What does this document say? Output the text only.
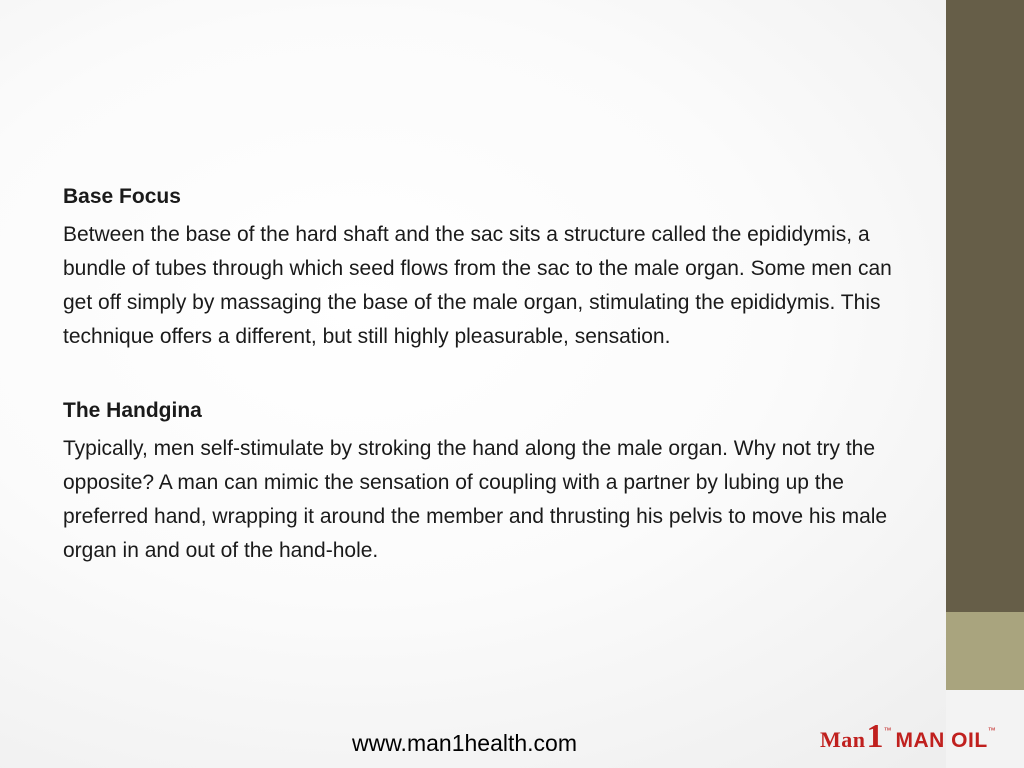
Base Focus

Between the base of the hard shaft and the sac sits a structure called the epididymis, a bundle of tubes through which seed flows from the sac to the male organ. Some men can get off simply by massaging the base of the male organ, stimulating the epididymis. This technique offers a different, but still highly pleasurable, sensation.

The Handgina

Typically, men self-stimulate by stroking the hand along the male organ. Why not try the opposite? A man can mimic the sensation of coupling with a partner by lubing up the preferred hand, wrapping it around the member and thrusting his pelvis to move his male organ in and out of the hand-hole.

www.man1health.com	Man 1 ™ MAN OIL ™
